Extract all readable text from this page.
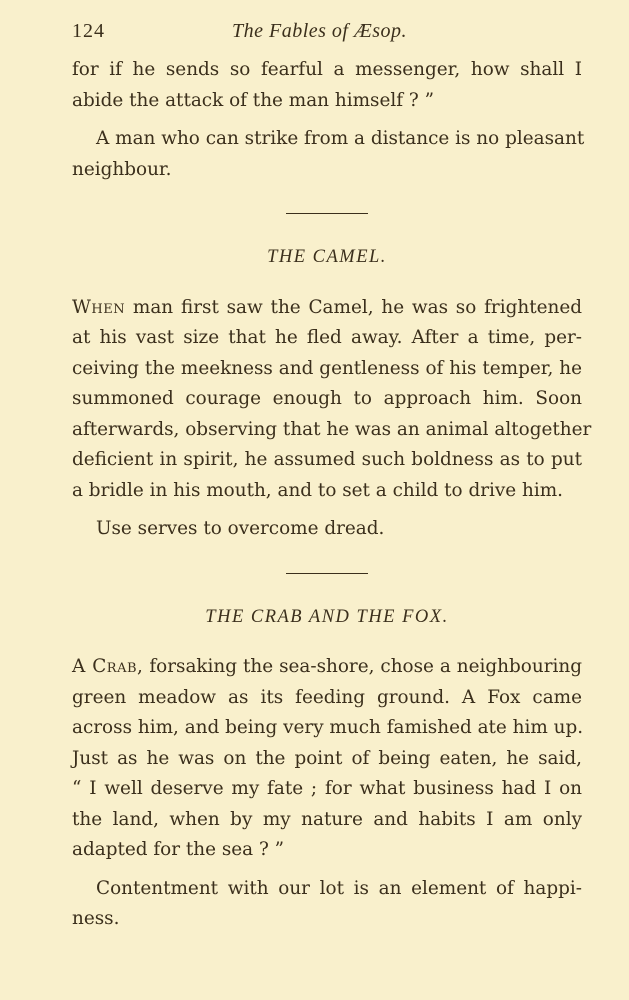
124	The Fables of Æsop.

for if he sends so fearful a messenger, how shall I

abide the attack of the man himself ? ”

A man who can strike from a distance is no pleasant

neighbour.

THE CAMEL.

When man first saw the Camel, he was so frightened

at his vast size that he fled away. After a time, per-

ceiving the meekness and gentleness of his temper, he

summoned courage enough to approach him. Soon

afterwards, observing that he was an animal altogether

deficient in spirit, he assumed such boldness as to put

a bridle in his mouth, and to set a child to drive him.

Use serves to overcome dread.

THE CRAB AND THE FOX.

A Crab, forsaking the sea-shore, chose a neighbouring

green meadow as its feeding ground. A Fox came

across him, and being very much famished ate him up.

Just as he was on the point of being eaten, he said,

“ I well deserve my fate ; for what business had I on

the land, when by my nature and habits I am only

adapted for the sea ? ”

Contentment with our lot is an element of happi-

ness.
